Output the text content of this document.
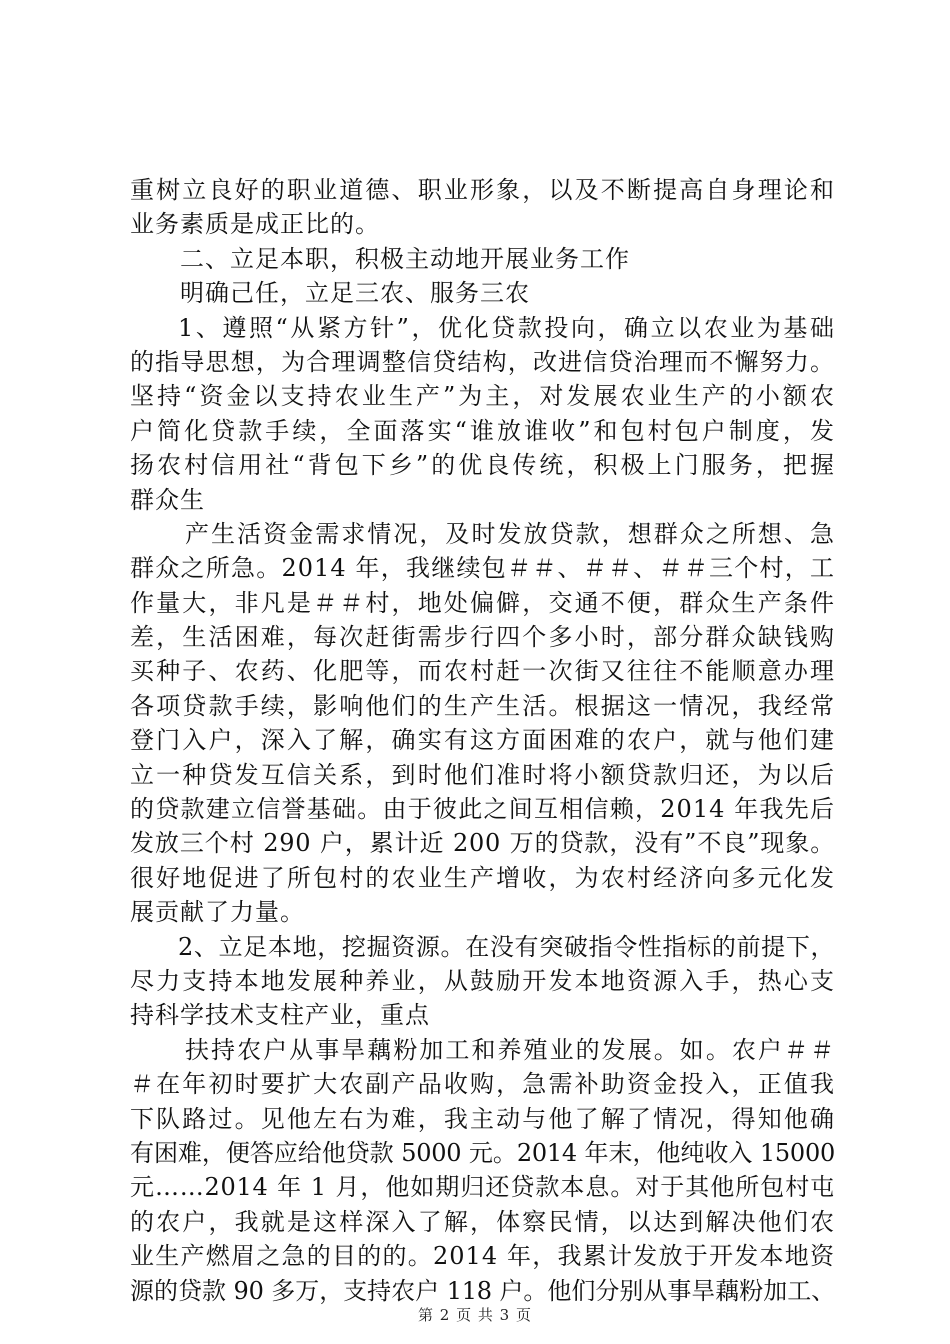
重树立良好的职业道德、职业形象，以及不断提高自身理论和
业务素质是成正比的。
二、立足本职，积极主动地开展业务工作
明确己任，立足三农、服务三农
1、遵照“从紧方针”，优化贷款投向，确立以农业为基础
的指导思想，为合理调整信贷结构，改进信贷治理而不懈努力。
坚持“资金以支持农业生产”为主，对发展农业生产的小额农
户简化贷款手续，全面落实“谁放谁收”和包村包户制度，发
扬农村信用社“背包下乡”的优良传统，积极上门服务，把握
群众生
产生活资金需求情况，及时发放贷款，想群众之所想、急
群众之所急。2014 年，我继续包＃＃、＃＃、＃＃三个村，工
作量大，非凡是＃＃村，地处偏僻，交通不便，群众生产条件
差，生活困难，每次赶街需步行四个多小时，部分群众缺钱购
买种子、农药、化肥等，而农村赶一次街又往往不能顺意办理
各项贷款手续，影响他们的生产生活。根据这一情况，我经常
登门入户，深入了解，确实有这方面困难的农户，就与他们建
立一种贷发互信关系，到时他们准时将小额贷款归还，为以后
的贷款建立信誉基础。由于彼此之间互相信赖，2014 年我先后
发放三个村 290 户，累计近 200 万的贷款，没有”不良”现象。
很好地促进了所包村的农业生产增收，为农村经济向多元化发
展贡献了力量。
2、立足本地，挖掘资源。在没有突破指令性指标的前提下，
尽力支持本地发展种养业，从鼓励开发本地资源入手，热心支
持科学技术支柱产业，重点
扶持农户从事旱藕粉加工和养殖业的发展。如。农户＃＃
＃在年初时要扩大农副产品收购，急需补助资金投入，正值我
下队路过。见他左右为难，我主动与他了解了情况，得知他确
有困难，便答应给他贷款 5000 元。2014 年末，他纯收入 15000
元……2014 年 1 月，他如期归还贷款本息。对于其他所包村屯
的农户，我就是这样深入了解，体察民情，以达到解决他们农
业生产燃眉之急的目的的。2014 年，我累计发放于开发本地资
源的贷款 90 多万，支持农户 118 户。他们分别从事旱藕粉加工、
第 2 页 共 3 页
